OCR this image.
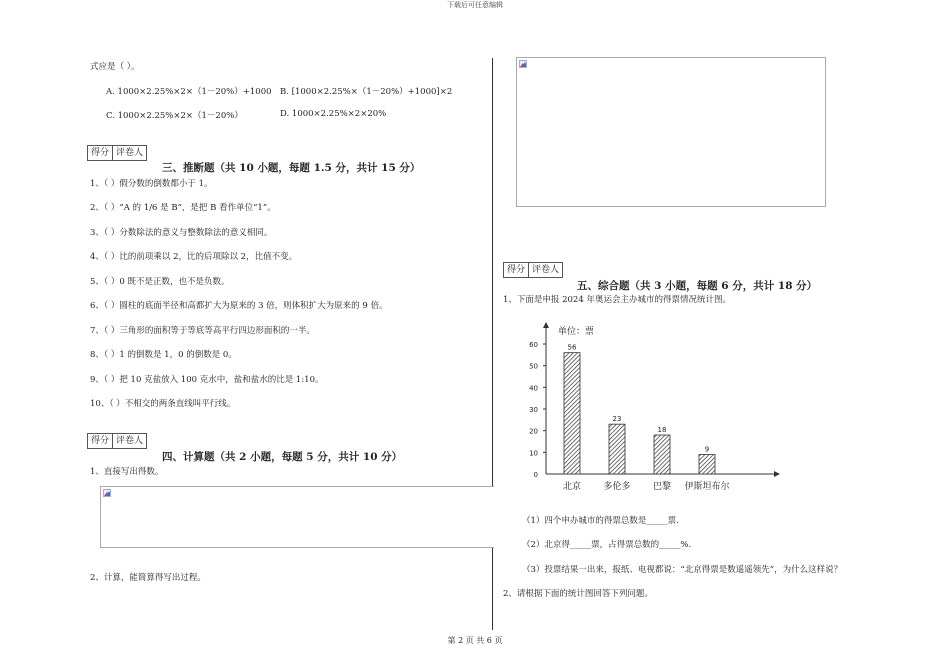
下载后可任意编辑
第 2 页 共 6 页
式应是（ ）。
A. 1000×2.25%×2×（1－20%）+1000 B. [1000×2.25%×（1－20%）+1000]×2
C. 1000×2.25%×2×（1－20%）	D. 1000×2.25%×2×20%
得分 评卷人
三、推断题（共 10 小题，每题 1.5 分，共计 15 分）
1、（ ）假分数的倒数都小于 1。
2、（ ）“A 的 1/6 是 B”，是把 B 看作单位“1”。
3、（ ）分数除法的意义与整数除法的意义相同。
4、（ ）比的前项乘以 2，比的后项除以 2，比值不变。
5、（ ）0 既不是正数，也不是负数。
6、（ ）圆柱的底面半径和高都扩大为原来的 3 倍，则体积扩大为原来的 9 倍。
7、（ ）三角形的面积等于等底等高平行四边形面积的一半。
8、（ ）1 的倒数是 1，0 的倒数是 0。
9、（ ）把 10 克盐放入 100 克水中，盐和盐水的比是 1:10。
10、（ ）不相交的两条直线叫平行线。
得分 评卷人
四、计算题（共 2 小题，每题 5 分，共计 10 分）
1、直接写出得数。
2、计算，能简算得写出过程。
得分 评卷人
五、综合题（共 3 小题，每题 6 分，共计 18 分）
1、下面是申报 2024 年奥运会主办城市的得票情况统计图。
单位：票
0
10
20
30
40
50
60	56
北京
23
多伦多
18
巴黎
9
伊斯坦布尔
（1）四个申办城市的得票总数是_____票.
（2）北京得_____票，占得票总数的_____%.
（3）投票结果一出来，报纸、电视都说：“北京得票是数遥遥领先”，为什么这样说？
2、请根据下面的统计图回答下列问题。
